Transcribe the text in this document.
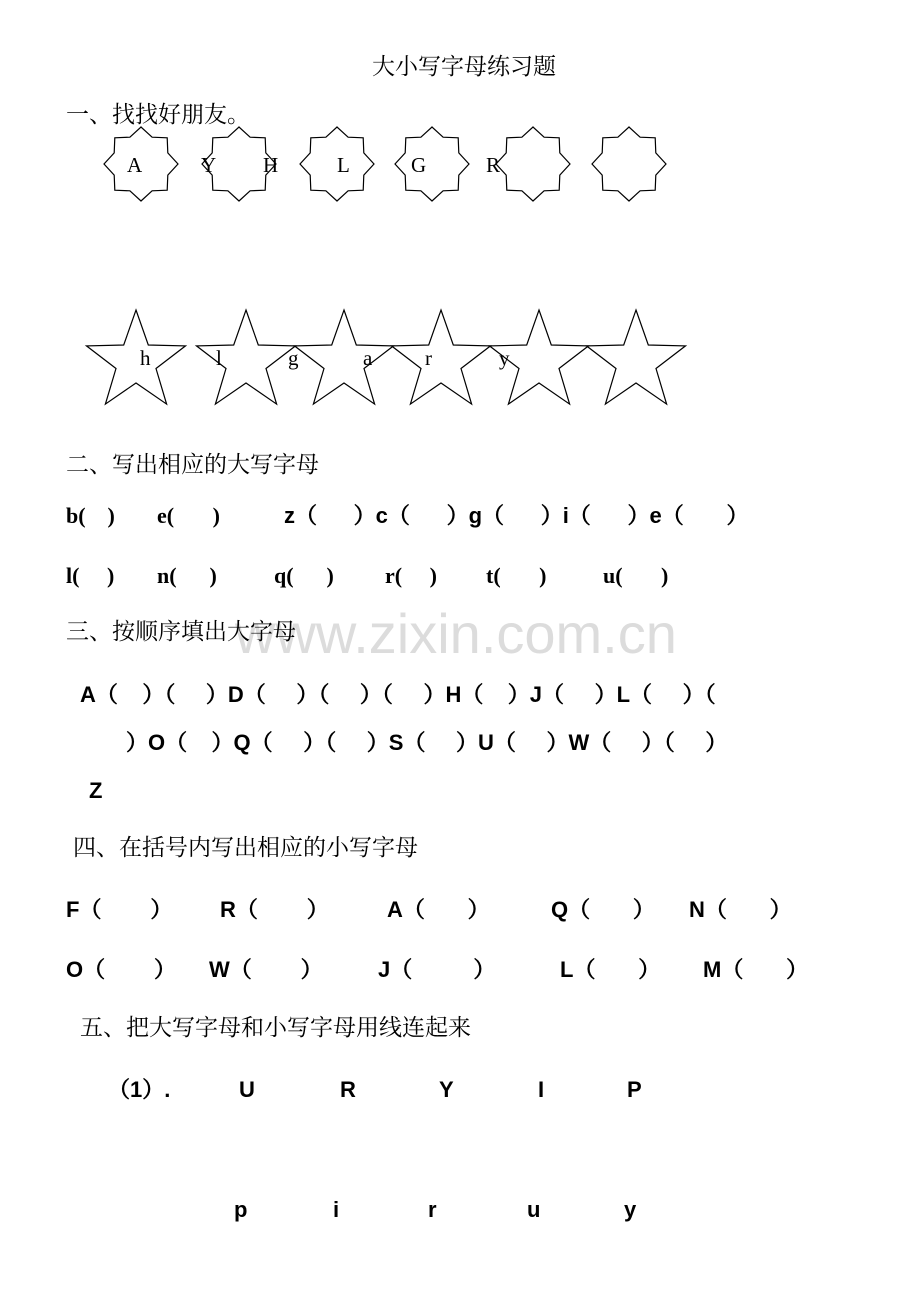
www.zixin.com.cn
大小写字母练习题
一、找找好朋友。
A	Y H	L	G	R
h	l	g	a	r	y
二、写出相应的大写字母
b(    ) e(       )	z（      ）c（      ）g（      ）i（      ）e（       ）
l(     ) n(      )	q(      ) r(     ) t(       )	u(       )
三、按顺序填出大字母
A（    ）（     ）D（     ）（     ）（     ）H（    ）J（     ）L（     ）（
）O（    ）Q（     ）（     ）S（     ）U（     ）W（     ）（     ）
Z
四、在括号内写出相应的小写字母
F（        ） R（        ）	A（       ）	Q（       ） N（       ）
O（        ） W（        ）	J（          ）	L（       ） M（       ）
五、把大写字母和小写字母用线连起来
（1）.	U	R	Y	I	P
p	i	r	u	y
